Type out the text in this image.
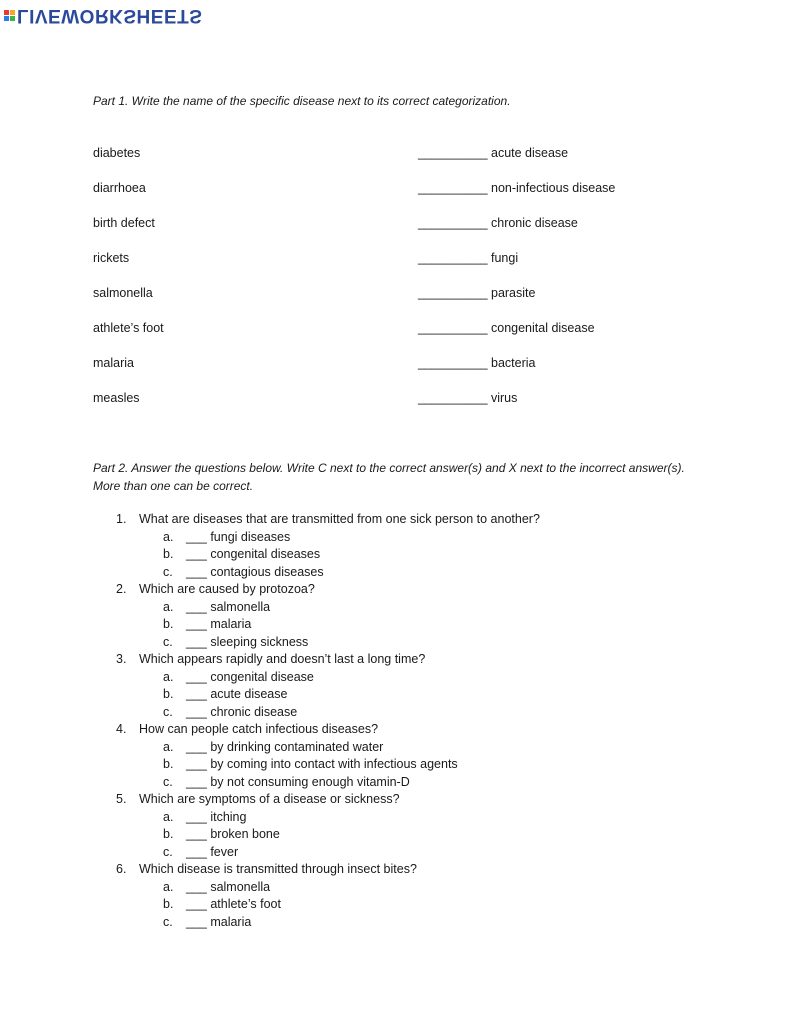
LIVEWORKSHEETS

Part 1. Write the name of the specific disease next to its correct categorization.

diabetes	__________ acute disease
diarrhoea	__________ non-infectious disease
birth defect	__________ chronic disease
rickets	__________ fungi
salmonella	__________ parasite
athlete’s foot	__________ congenital disease
malaria	__________ bacteria
measles	__________ virus

Part 2. Answer the questions below. Write C next to the correct answer(s) and X next to the incorrect answer(s). More than one can be correct.

1.	What are diseases that are transmitted from one sick person to another?
a.	___ fungi diseases
b.	___ congenital diseases
c.	___ contagious diseases
2.	Which are caused by protozoa?
a.	___ salmonella
b.	___ malaria
c.	___ sleeping sickness
3.	Which appears rapidly and doesn’t last a long time?
a.	___ congenital disease
b.	___ acute disease
c.	___ chronic disease
4.	How can people catch infectious diseases?
a.	___ by drinking contaminated water
b.	___ by coming into contact with infectious agents
c.	___ by not consuming enough vitamin-D
5.	Which are symptoms of a disease or sickness?
a.	___ itching
b.	___ broken bone
c.	___ fever
6.	Which disease is transmitted through insect bites?
a.	___ salmonella
b.	___ athlete’s foot
c.	___ malaria
